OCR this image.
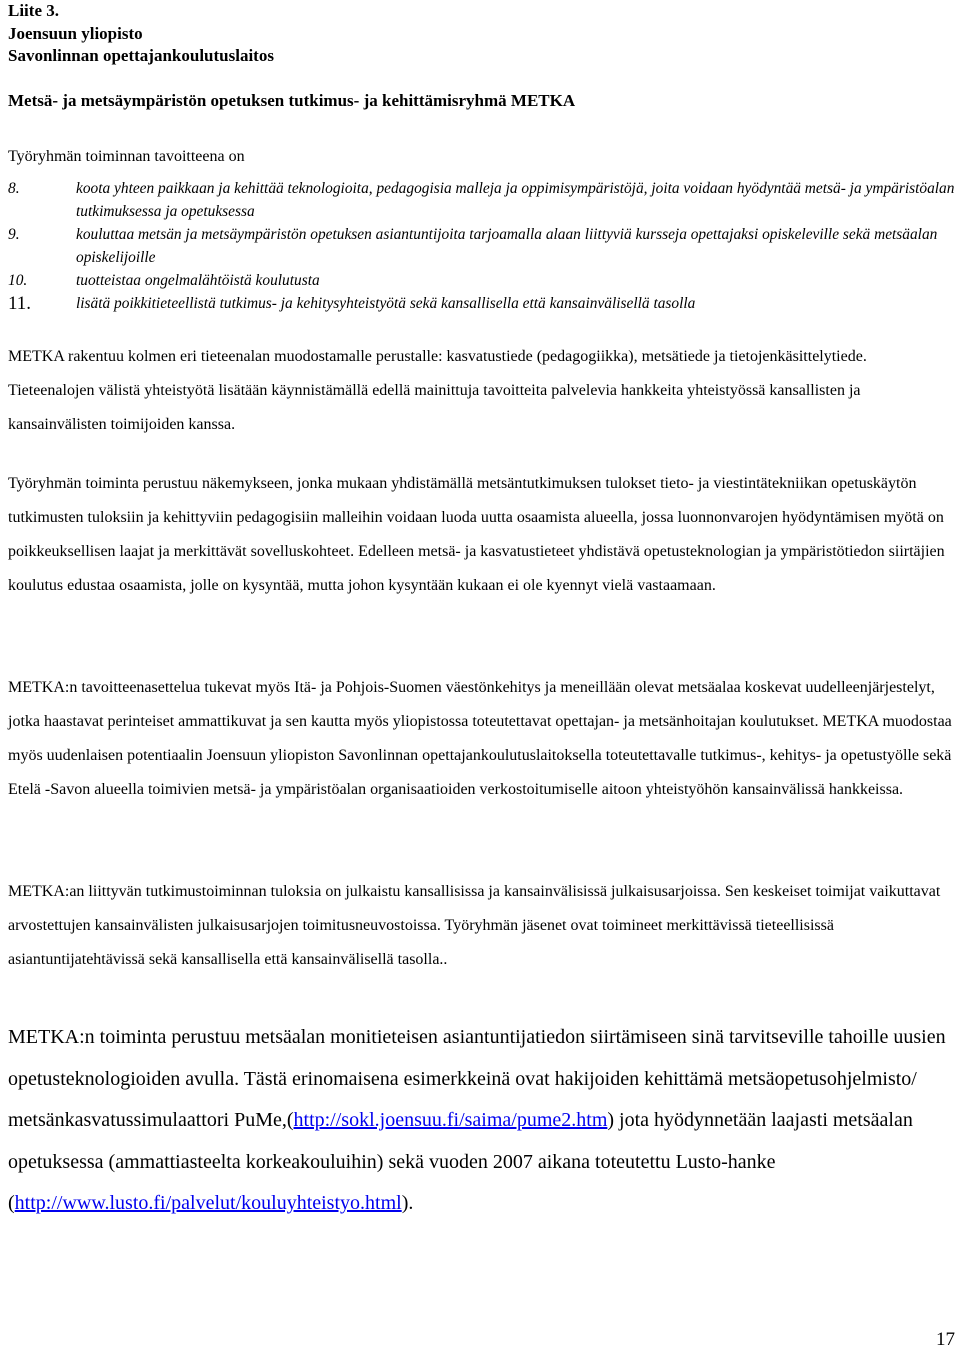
Liite 3.
Joensuun yliopisto
Savonlinnan opettajankoulutuslaitos
Metsä- ja metsäympäristön opetuksen tutkimus- ja kehittämisryhmä METKA
Työryhmän toiminnan tavoitteena on
8.	koota yhteen paikkaan ja kehittää teknologioita, pedagogisia malleja ja oppimisympäristöjä, joita voidaan hyödyntää metsä- ja ympäristöalan tutkimuksessa ja opetuksessa
9.	kouluttaa metsän ja metsäympäristön opetuksen asiantuntijoita tarjoamalla alaan liittyviä kursseja opettajaksi opiskeleville sekä metsäalan opiskelijoille
10.	tuotteistaa ongelmalähtöistä koulutusta
11.	lisätä poikkitieteellistä tutkimus- ja kehitysyhteistyötä sekä kansallisella että kansainvälisellä tasolla

METKA rakentuu kolmen eri tieteenalan muodostamalle perustalle: kasvatustiede (pedagogiikka), metsätiede ja tietojenkäsittelytiede. Tieteenalojen välistä yhteistyötä lisätään käynnistämällä edellä mainittuja tavoitteita palvelevia hankkeita yhteistyössä kansallisten ja kansainvälisten toimijoiden kanssa.

Työryhmän toiminta perustuu näkemykseen, jonka mukaan yhdistämällä metsäntutkimuksen tulokset tieto- ja viestintätekniikan opetuskäytön tutkimusten tuloksiin ja kehittyviin pedagogisiin malleihin voidaan luoda uutta osaamista alueella, jossa luonnonvarojen hyödyntämisen myötä on poikkeuksellisen laajat ja merkittävät sovelluskohteet. Edelleen metsä- ja kasvatustieteet yhdistävä opetusteknologian ja ympäristötiedon siirtäjien koulutus edustaa osaamista, jolle on kysyntää, mutta johon kysyntään kukaan ei ole kyennyt vielä vastaamaan.

METKA:n tavoitteenasettelua tukevat myös Itä- ja Pohjois-Suomen väestönkehitys ja meneillään olevat metsäalaa koskevat uudelleenjärjestelyt, jotka haastavat perinteiset ammattikuvat ja sen kautta myös yliopistossa toteutettavat opettajan- ja metsänhoitajan koulutukset. METKA muodostaa myös uudenlaisen potentiaalin Joensuun yliopiston Savonlinnan opettajankoulutuslaitoksella toteutettavalle tutkimus-, kehitys- ja opetustyölle sekä Etelä -Savon alueella toimivien metsä- ja ympäristöalan organisaatioiden verkostoitumiselle aitoon yhteistyöhön kansainvälissä hankkeissa.

METKA:an liittyvän tutkimustoiminnan tuloksia on julkaistu kansallisissa ja kansainvälisissä julkaisusarjoissa. Sen keskeiset toimijat vaikuttavat arvostettujen kansainvälisten julkaisusarjojen toimitusneuvostoissa. Työryhmän jäsenet ovat toimineet merkittävissä tieteellisissä asiantuntijatehtävissä sekä kansallisella että kansainvälisellä tasolla..

METKA:n toiminta perustuu metsäalan monitieteisen asiantuntijatiedon siirtämiseen sinä tarvitseville tahoille uusien opetusteknologioiden avulla. Tästä erinomaisena esimerkkeinä ovat hakijoiden kehittämä metsäopetusohjelmisto/ metsänkasvatussimulaattori PuMe,(http://sokl.joensuu.fi/saima/pume2.htm) jota hyödynnetään laajasti metsäalan opetuksessa (ammattiasteelta korkeakouluihin) sekä vuoden 2007 aikana toteutettu Lusto-hanke (http://www.lusto.fi/palvelut/kouluyhteistyo.html).

17
